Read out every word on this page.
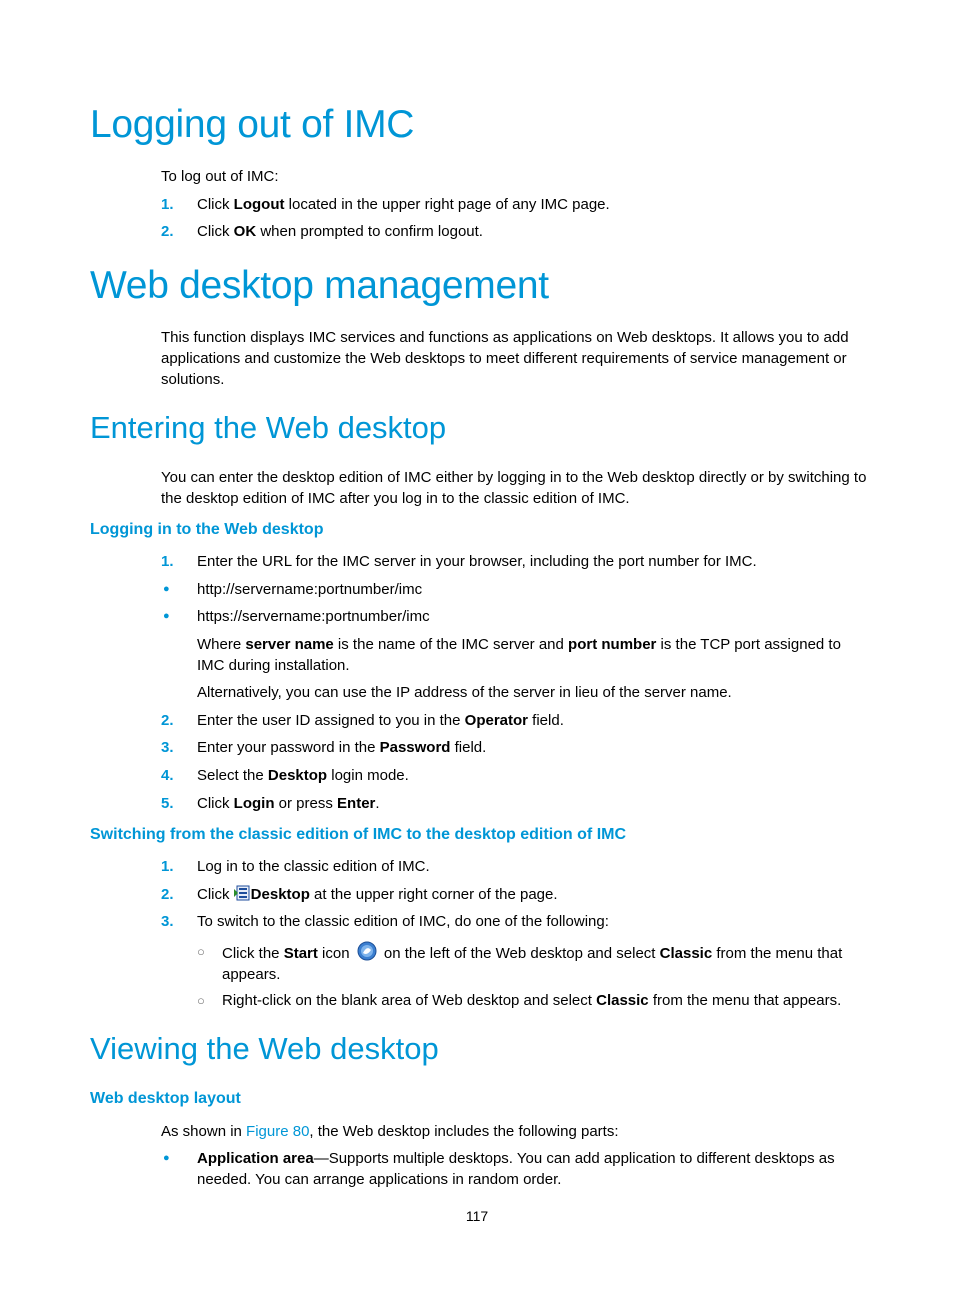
Logging out of IMC
To log out of IMC:
1. Click Logout located in the upper right page of any IMC page.
2. Click OK when prompted to confirm logout.
Web desktop management
This function displays IMC services and functions as applications on Web desktops. It allows you to add applications and customize the Web desktops to meet different requirements of service management or solutions.
Entering the Web desktop
You can enter the desktop edition of IMC either by logging in to the Web desktop directly or by switching to the desktop edition of IMC after you log in to the classic edition of IMC.
Logging in to the Web desktop
1. Enter the URL for the IMC server in your browser, including the port number for IMC.
● http://servername:portnumber/imc
● https://servername:portnumber/imc
Where server name is the name of the IMC server and port number is the TCP port assigned to IMC during installation.
Alternatively, you can use the IP address of the server in lieu of the server name.
2. Enter the user ID assigned to you in the Operator field.
3. Enter your password in the Password field.
4. Select the Desktop login mode.
5. Click Login or press Enter.
Switching from the classic edition of IMC to the desktop edition of IMC
1. Log in to the classic edition of IMC.
2. Click Desktop at the upper right corner of the page.
3. To switch to the classic edition of IMC, do one of the following:
○	Click the Start icon  on the left of the Web desktop and select Classic from the menu that appears.
○	Right-click on the blank area of Web desktop and select Classic from the menu that appears.
Viewing the Web desktop
Web desktop layout
As shown in Figure 80, the Web desktop includes the following parts:
● Application area—Supports multiple desktops. You can add application to different desktops as needed. You can arrange applications in random order.
117
